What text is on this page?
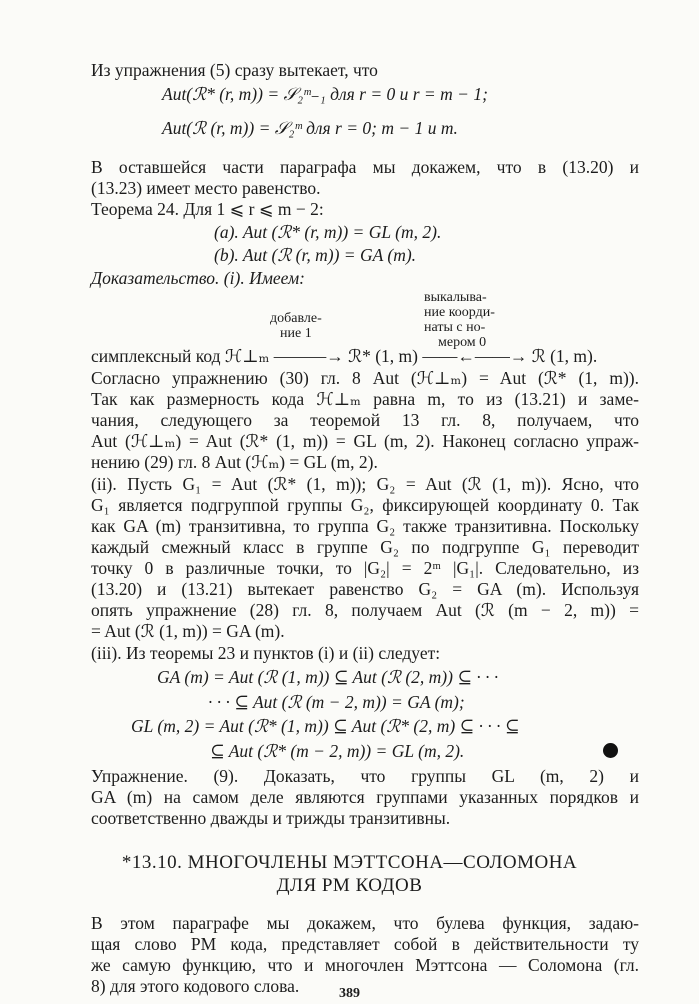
Из упражнения (5) сразу вытекает, что
Aut(ℛ* (r, m)) = 𝒮₂ᵐ₋₁ для r = 0 и r = m − 1;
Aut(ℛ (r, m)) = 𝒮₂ᵐ для r = 0; m − 1 и m.
В оставшейся части параграфа мы докажем, что в (13.20) и
(13.23) имеет место равенство.
Теорема 24. Для 1 ⩽ r ⩽ m − 2:
(a). Aut (ℛ* (r, m)) = GL (m, 2).
(b). Aut (ℛ (r, m)) = GA (m).
Доказательство. (i). Имеем:
выкалыва-
ние коорди-
добавле-
наты с но-
ние 1
мером 0
симплексный код ℋ⊥ₘ ———→ ℛ* (1, m) ——←——→ ℛ (1, m).
Согласно упражнению (30) гл. 8 Aut (ℋ⊥ₘ) = Aut (ℛ* (1, m)).
Так как размерность кода ℋ⊥ₘ равна m, то из (13.21) и заме-
чания, следующего за теоремой 13 гл. 8, получаем, что
Aut (ℋ⊥ₘ) = Aut (ℛ* (1, m)) = GL (m, 2). Наконец согласно упраж-
нению (29) гл. 8 Aut (ℋₘ) = GL (m, 2).
(ii). Пусть G₁ = Aut (ℛ* (1, m)); G₂ = Aut (ℛ (1, m)). Ясно, что
G₁ является подгруппой группы G₂, фиксирующей координату 0. Так
как GA (m) транзитивна, то группа G₂ также транзитивна. Поскольку
каждый смежный класс в группе G₂ по подгруппе G₁ переводит
точку 0 в различные точки, то |G₂| = 2ᵐ |G₁|. Следовательно, из
(13.20) и (13.21) вытекает равенство G₂ = GA (m). Используя
опять упражнение (28) гл. 8, получаем Aut (ℛ (m − 2, m)) =
= Aut (ℛ (1, m)) = GA (m).
(iii). Из теоремы 23 и пунктов (i) и (ii) следует:
GA (m) = Aut (ℛ (1, m)) ⊆ Aut (ℛ (2, m)) ⊆ · · ·
· · · ⊆ Aut (ℛ (m − 2, m)) = GA (m);
GL (m, 2) = Aut (ℛ* (1, m)) ⊆ Aut (ℛ* (2, m) ⊆ · · · ⊆
⊆ Aut (ℛ* (m − 2, m)) = GL (m, 2).
Упражнение. (9). Доказать, что группы GL (m, 2) и
GA (m) на самом деле являются группами указанных порядков и
соответственно дважды и трижды транзитивны.
*13.10. МНОГОЧЛЕНЫ МЭТТСОНА—СОЛОМОНА
ДЛЯ РМ КОДОВ
В этом параграфе мы докажем, что булева функция, задаю-
щая слово РМ кода, представляет собой в действительности ту
же самую функцию, что и многочлен Мэттсона — Соломона (гл.
8) для этого кодового слова.	389
